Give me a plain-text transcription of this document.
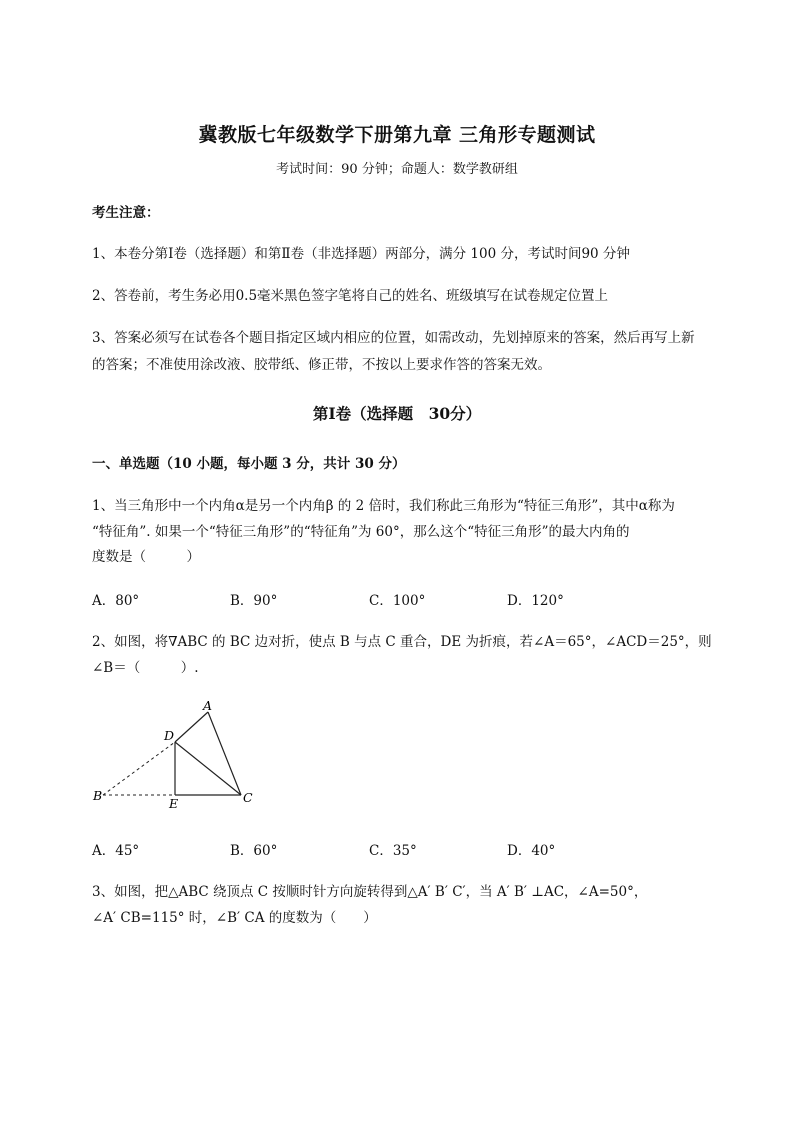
冀教版七年级数学下册第九章 三角形专题测试
考试时间：90 分钟；命题人：数学教研组
考生注意：
1、本卷分第Ⅰ卷（选择题）和第Ⅱ卷（非选择题）两部分，满分 100 分，考试时间90 分钟
2、答卷前，考生务必用0.5毫米黑色签字笔将自己的姓名、班级填写在试卷规定位置上
3、答案必须写在试卷各个题目指定区域内相应的位置，如需改动，先划掉原来的答案，然后再写上新
的答案；不准使用涂改液、胶带纸、修正带，不按以上要求作答的答案无效。
第Ⅰ卷（选择题　30分）
一、单选题（10 小题，每小题 3 分，共计 30 分）
1、当三角形中一个内角α是另一个内角β 的 2 倍时，我们称此三角形为“特征三角形”，其中α称为
“特征角”. 如果一个“特征三角形”的“特征角”为 60°，那么这个“特征三角形”的最大内角的
度数是（　　　）
A．80°	B．90°	C．100°	D．120°
2、如图，将∇ABC 的 BC 边对折，使点 B 与点 C 重合，DE 为折痕，若∠A＝65°，∠ACD＝25°，则
∠B＝（　　　）.
A
D
B
E	C
A．45°	B．60°	C．35°	D．40°
3、如图，把△ABC 绕顶点 C 按顺时针方向旋转得到△A′ B′ C′，当 A′ B′ ⊥AC，∠A=50°，
∠A′ CB=115° 时，∠B′ CA 的度数为（　　）
